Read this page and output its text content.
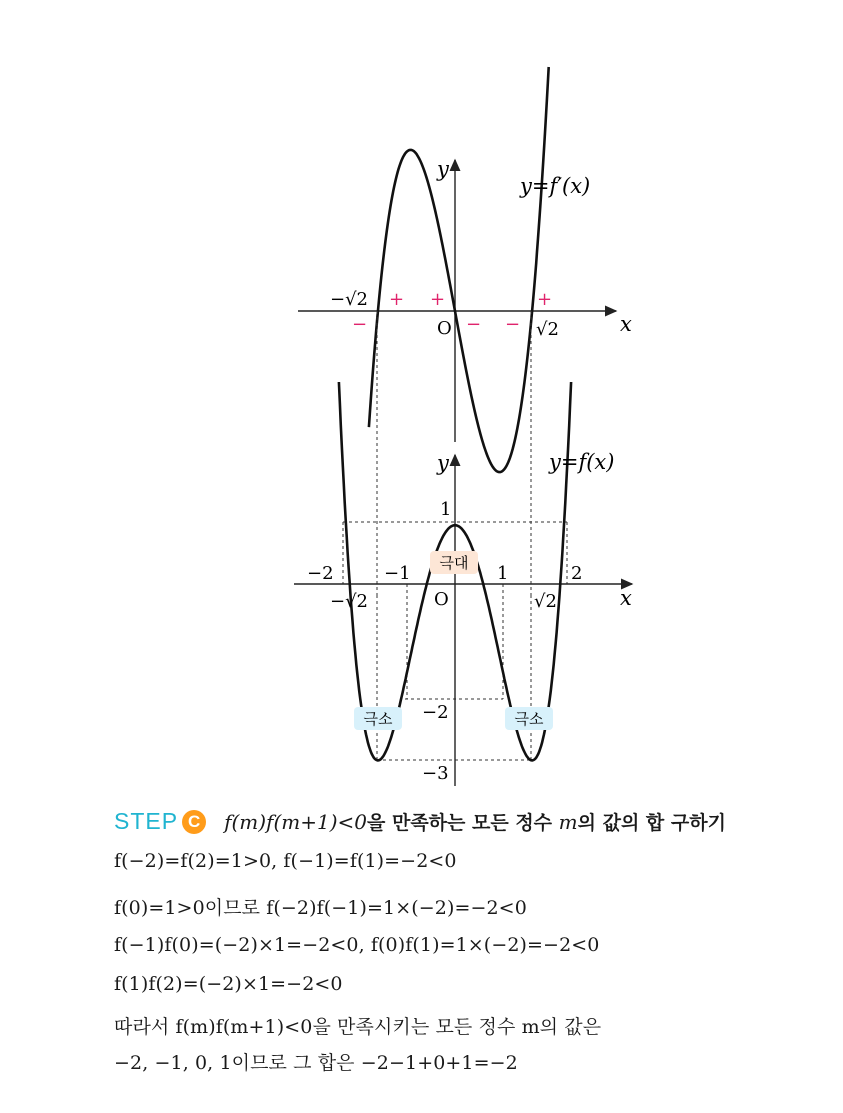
y=f′(x)
y
x
O
−√2
√2
+ +	+
−	− −
y=f(x)
y
x
O
1
−2	−1	1	2
−√2	√2
−2
−3
극대
극소	극소
STEP C f(m)f(m+1)<0을 만족하는 모든 정수 m의 값의 합 구하기
f(−2)=f(2)=1>0, f(−1)=f(1)=−2<0
f(0)=1>0이므로 f(−2)f(−1)=1×(−2)=−2<0
f(−1)f(0)=(−2)×1=−2<0, f(0)f(1)=1×(−2)=−2<0
f(1)f(2)=(−2)×1=−2<0
따라서 f(m)f(m+1)<0을 만족시키는 모든 정수 m의 값은
−2, −1, 0, 1이므로 그 합은 −2−1+0+1=−2
